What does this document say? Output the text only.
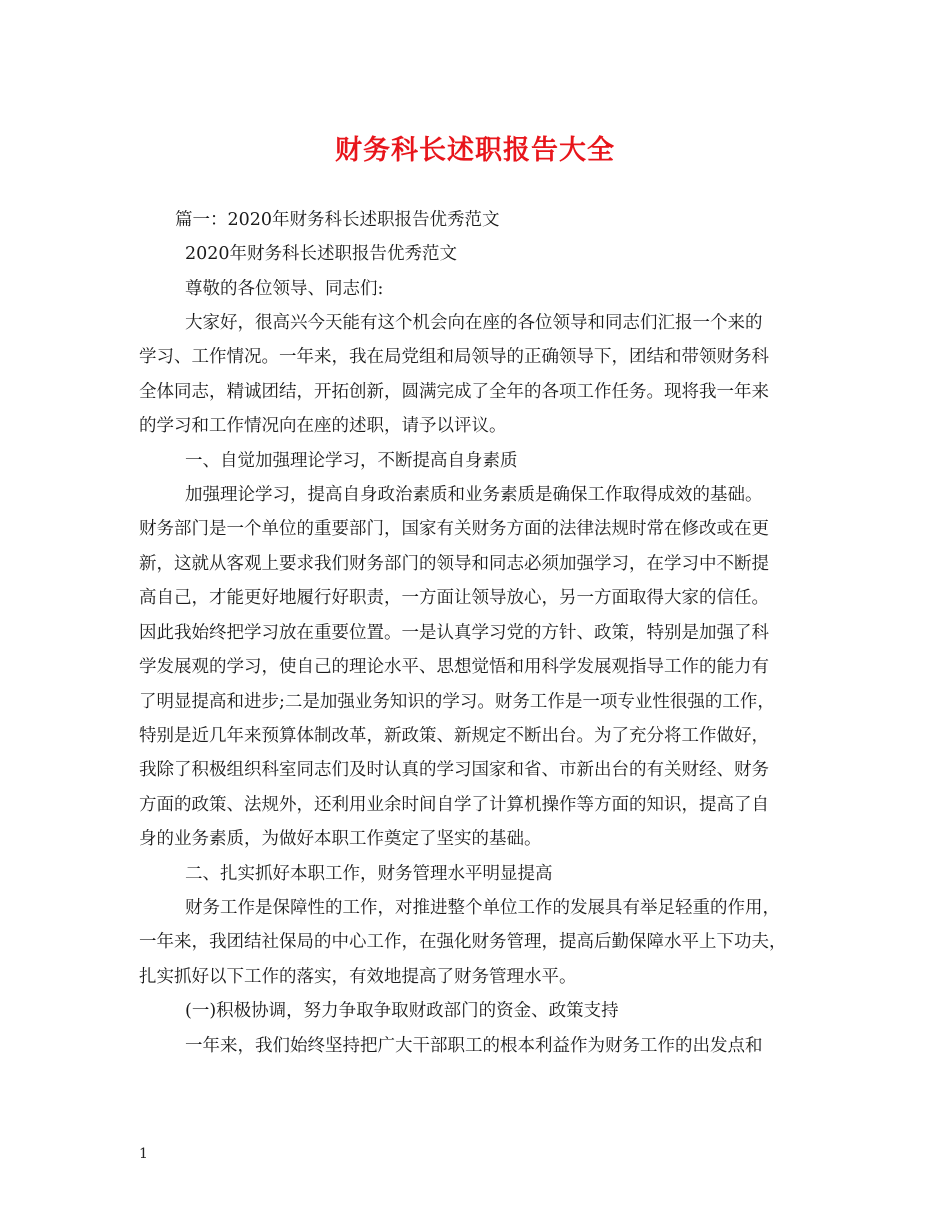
财务科长述职报告大全
篇一：2020年财务科长述职报告优秀范文
2020年财务科长述职报告优秀范文
尊敬的各位领导、同志们:
大家好，很高兴今天能有这个机会向在座的各位领导和同志们汇报一个来的
学习、工作情况。一年来，我在局党组和局领导的正确领导下，团结和带领财务科
全体同志，精诚团结，开拓创新，圆满完成了全年的各项工作任务。现将我一年来
的学习和工作情况向在座的述职，请予以评议。
一、自觉加强理论学习，不断提高自身素质
加强理论学习，提高自身政治素质和业务素质是确保工作取得成效的基础。
财务部门是一个单位的重要部门，国家有关财务方面的法律法规时常在修改或在更
新，这就从客观上要求我们财务部门的领导和同志必须加强学习，在学习中不断提
高自己，才能更好地履行好职责，一方面让领导放心，另一方面取得大家的信任。
因此我始终把学习放在重要位置。一是认真学习党的方针、政策，特别是加强了科
学发展观的学习，使自己的理论水平、思想觉悟和用科学发展观指导工作的能力有
了明显提高和进步;二是加强业务知识的学习。财务工作是一项专业性很强的工作，
特别是近几年来预算体制改革，新政策、新规定不断出台。为了充分将工作做好，
我除了积极组织科室同志们及时认真的学习国家和省、市新出台的有关财经、财务
方面的政策、法规外，还利用业余时间自学了计算机操作等方面的知识，提高了自
身的业务素质，为做好本职工作奠定了坚实的基础。
二、扎实抓好本职工作，财务管理水平明显提高
财务工作是保障性的工作，对推进整个单位工作的发展具有举足轻重的作用，
一年来，我团结社保局的中心工作，在强化财务管理，提高后勤保障水平上下功夫，
扎实抓好以下工作的落实，有效地提高了财务管理水平。
(一)积极协调，努力争取争取财政部门的资金、政策支持
一年来，我们始终坚持把广大干部职工的根本利益作为财务工作的出发点和
1
